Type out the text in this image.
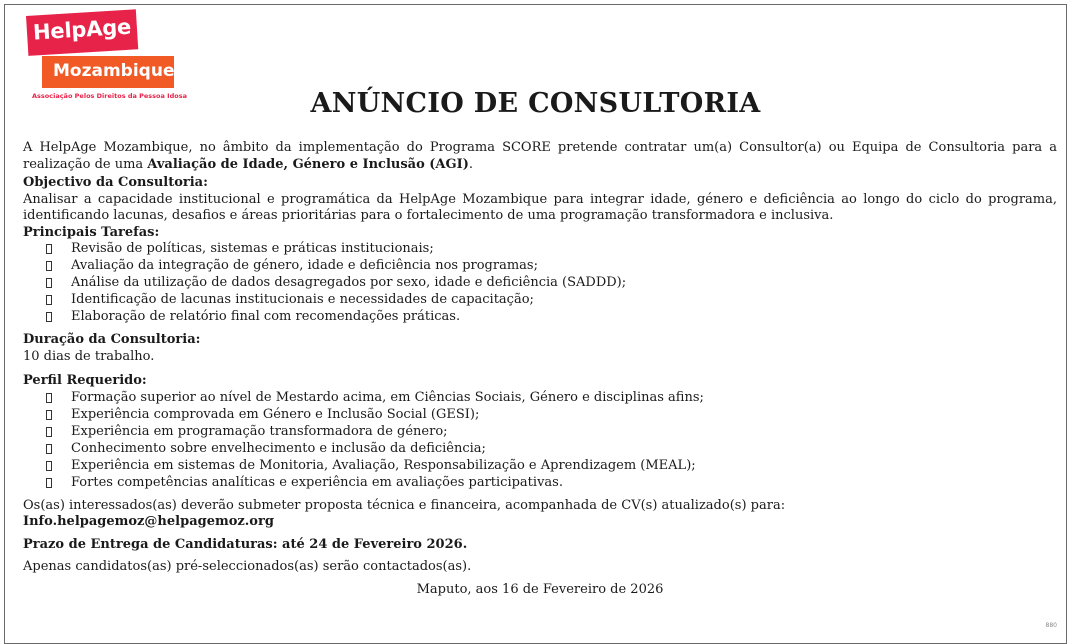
HelpAge
Mozambique
Associação Pelos Direitos da Pessoa Idosa	ANÚNCIO DE CONSULTORIA

A HelpAge Mozambique, no âmbito da implementação do Programa SCORE pretende contratar um(a) Consultor(a) ou Equipa de Consultoria para a realização de uma Avaliação de Idade, Género e Inclusão (AGI).

Objectivo da Consultoria:

Analisar a capacidade institucional e programática da HelpAge Mozambique para integrar idade, género e deficiência ao longo do ciclo do programa, identificando lacunas, desafios e áreas prioritárias para o fortalecimento de uma programação transformadora e inclusiva.

Principais Tarefas:

Revisão de políticas, sistemas e práticas institucionais;
Avaliação da integração de género, idade e deficiência nos programas;
Análise da utilização de dados desagregados por sexo, idade e deficiência (SADDD);
Identificação de lacunas institucionais e necessidades de capacitação;
Elaboração de relatório final com recomendações práticas.

Duração da Consultoria:

10 dias de trabalho.

Perfil Requerido:

Formação superior ao nível de Mestardo acima, em Ciências Sociais, Género e disciplinas afins;
Experiência comprovada em Género e Inclusão Social (GESI);
Experiência em programação transformadora de género;
Conhecimento sobre envelhecimento e inclusão da deficiência;
Experiência em sistemas de Monitoria, Avaliação, Responsabilização e Aprendizagem (MEAL);
Fortes competências analíticas e experiência em avaliações participativas.

Os(as) interessados(as) deverão submeter proposta técnica e financeira, acompanhada de CV(s) atualizado(s) para:

Info.helpagemoz@helpagemoz.org

Prazo de Entrega de Candidaturas: até 24 de Fevereiro 2026.

Apenas candidatos(as) pré-seleccionados(as) serão contactados(as).

Maputo, aos 16 de Fevereiro de 2026

880
